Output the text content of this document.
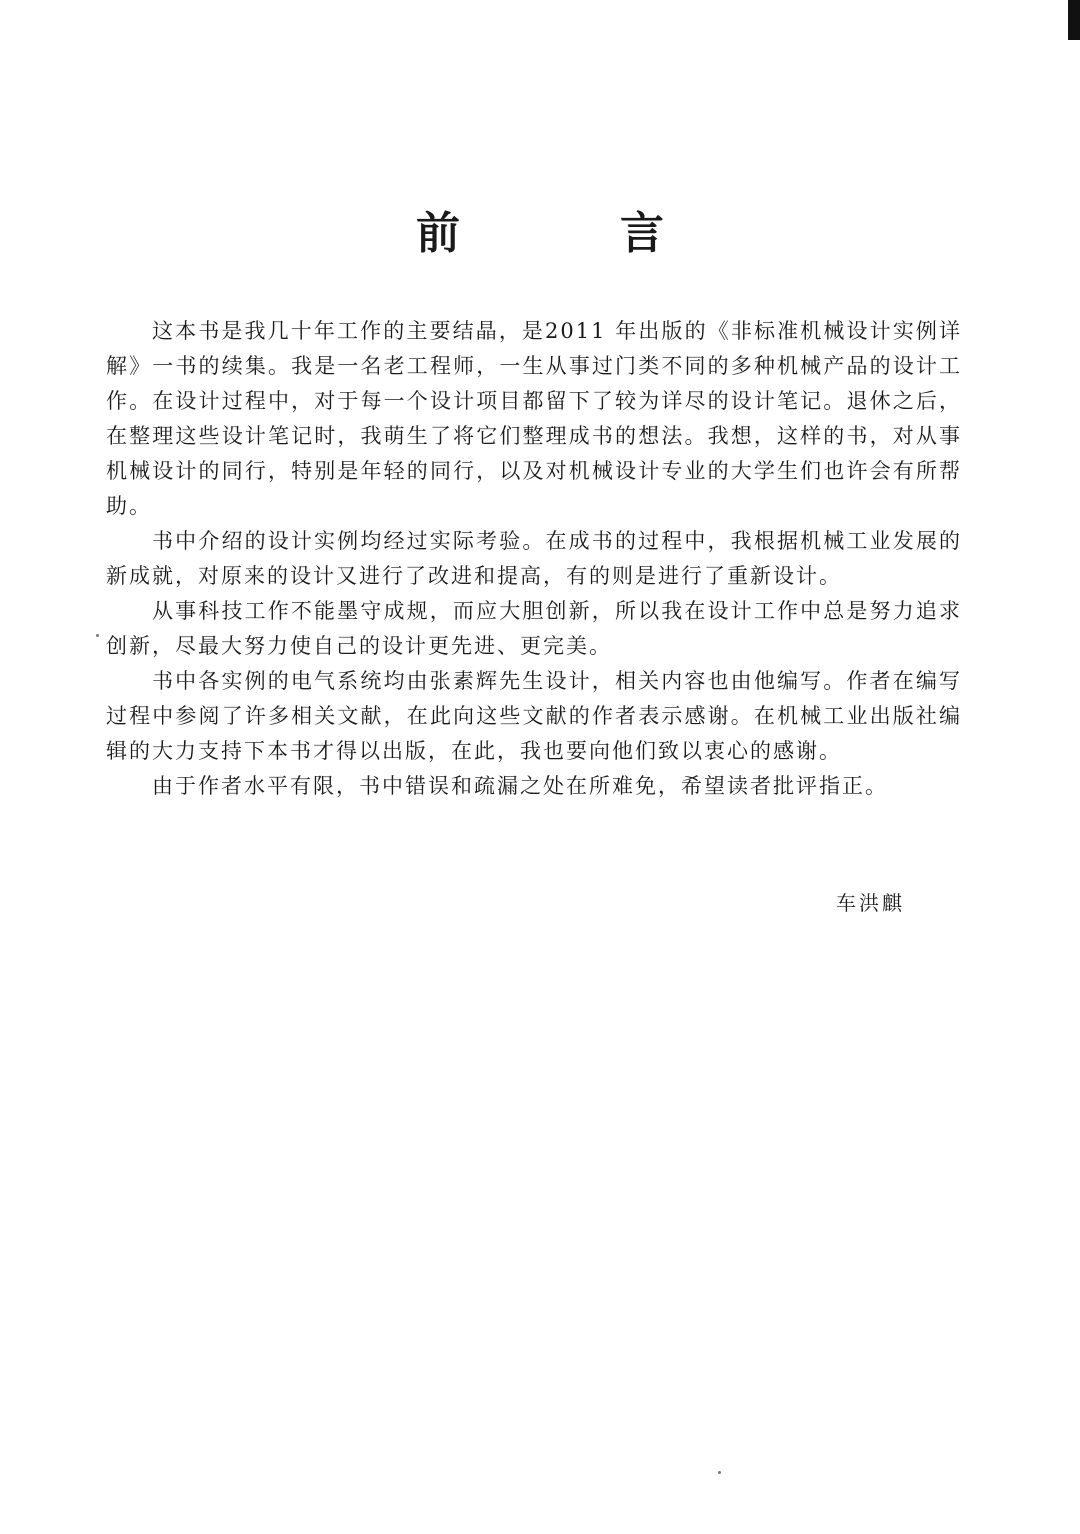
前　言

这本书是我几十年工作的主要结晶，是2011 年出版的《非标准机械设计实例详解》一书的续集。我是一名老工程师，一生从事过门类不同的多种机械产品的设计工作。在设计过程中，对于每一个设计项目都留下了较为详尽的设计笔记。退休之后，在整理这些设计笔记时，我萌生了将它们整理成书的想法。我想，这样的书，对从事机械设计的同行，特别是年轻的同行，以及对机械设计专业的大学生们也许会有所帮助。

书中介绍的设计实例均经过实际考验。在成书的过程中，我根据机械工业发展的新成就，对原来的设计又进行了改进和提高，有的则是进行了重新设计。

从事科技工作不能墨守成规，而应大胆创新，所以我在设计工作中总是努力追求创新，尽最大努力使自己的设计更先进、更完美。

书中各实例的电气系统均由张素辉先生设计，相关内容也由他编写。作者在编写过程中参阅了许多相关文献，在此向这些文献的作者表示感谢。在机械工业出版社编辑的大力支持下本书才得以出版，在此，我也要向他们致以衷心的感谢。

由于作者水平有限，书中错误和疏漏之处在所难免，希望读者批评指正。

车洪麒
